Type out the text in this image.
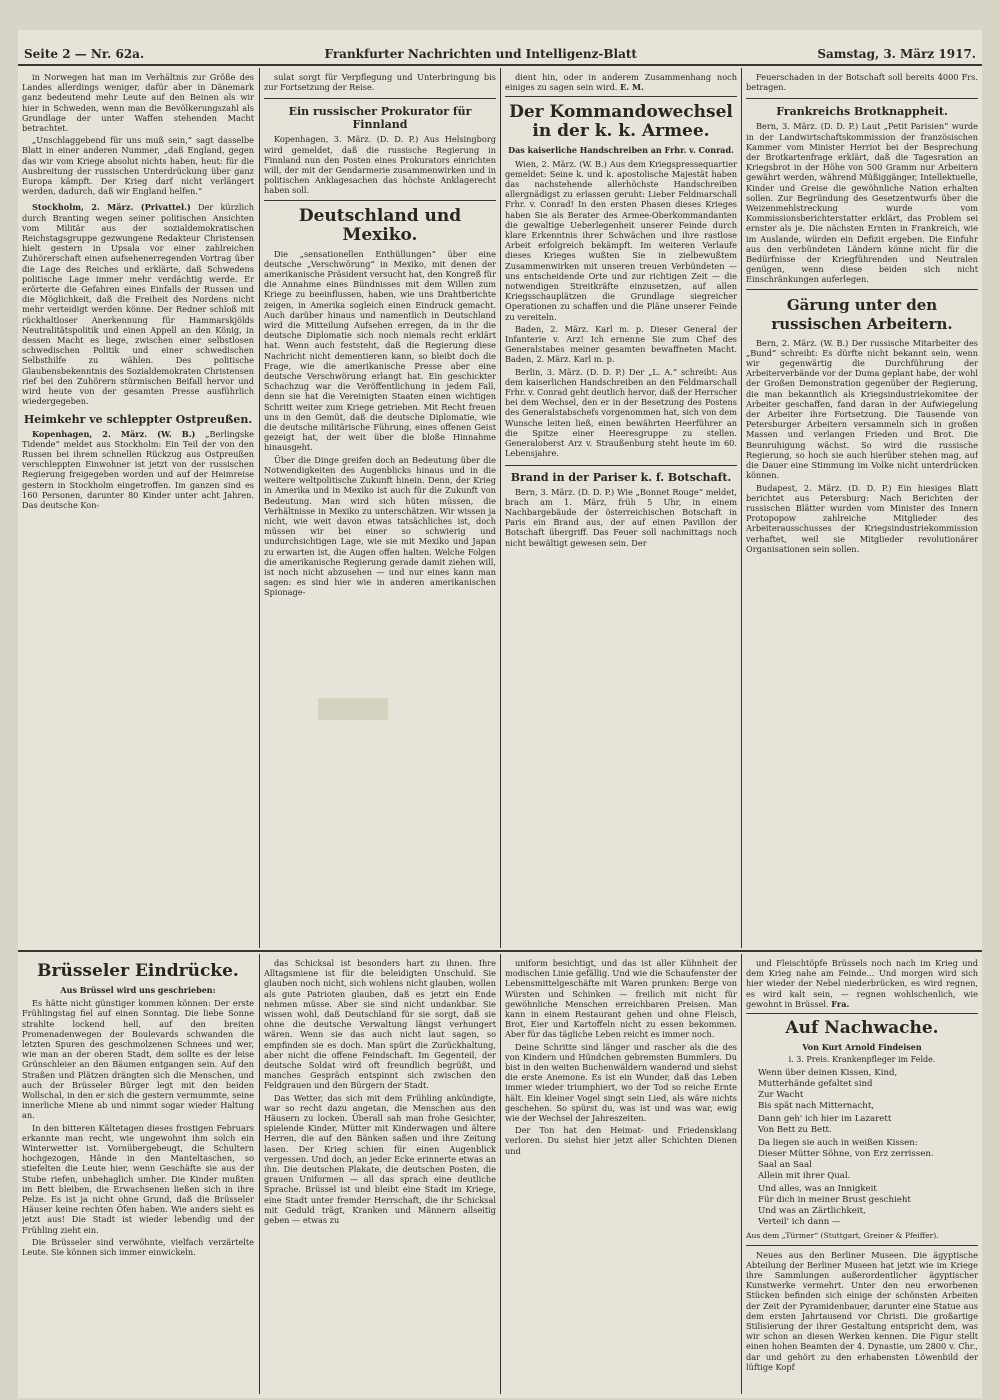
Seite 2 — Nr. 62a.	Frankfurter Nachrichten und Intelligenz-Blatt	Samstag, 3. März 1917.

in Norwegen hat man im Verhältnis zur Größe des Landes allerdings weniger, dafür aber in Dänemark ganz bedeutend mehr Leute auf den Beinen als wir hier in Schweden, wenn man die Bevölkerungszahl als Grundlage der unter Waffen stehenden Macht betrachtet.

„Unschlaggebend für uns muß sein,“ sagt dasselbe Blatt in einer anderen Nummer, „daß England, gegen das wir vom Kriege absolut nichts haben, heut: für die Ausbreitung der russischen Unterdrückung über ganz Europa kämpft. Der Krieg darf nicht verlängert werden, dadurch, daß wir England helfen.“

Stockholm, 2. März. (Privattel.) Der kürzlich durch Branting wegen seiner politischen Ansichten vom Militär aus der sozialdemokratischen Reichstagsgruppe gezwungene Redakteur Christensen hielt gestern in Upsala vor einer zahlreichen Zuhörerschaft einen aufsehenerregenden Vortrag über die Lage des Reiches und erklärte, daß Schwedens politische Lage immer mehr verdächtig werde. Er erörterte die Gefahren eines Einfalls der Russen und die Möglichkeit, daß die Freiheit des Nordens nicht mehr verteidigt werden könne. Der Redner schloß mit rückhaltloser Anerkennung für Hammarskjölds Neutralitätspolitik und einen Appell an den König, in dessen Macht es liege, zwischen einer selbstlosen schwedischen Politik und einer schwedischen Selbsthilfe zu wählen. Des politische Glaubensbekenntnis des Sozialdemokraten Christensen rief bei den Zuhörern stürmischen Beifall hervor und wird heute von der gesamten Presse ausführlich wiedergegeben.

Heimkehr ve schleppter Ostpreußen.

Kopenhagen, 2. März. (W. B.) „Berlingske Tidende“ meldet aus Stockholm: Ein Teil der von den Russen bei ihrem schnellen Rückzug aus Ostpreußen verschleppten Einwohner ist jetzt von der russischen Regierung freigegeben worden und auf der Heimreise gestern in Stockholm eingetroffen. Im ganzen sind es 160 Personen, darunter 80 Kinder unter acht Jahren. Das deutsche Kon-

sulat sorgt für Verpflegung und Unterbringung bis zur Fortsetzung der Reise.

Ein russischer Prokurator für Finnland

Kopenhagen, 3. März. (D. D. P.) Aus Helsingborg wird gemeldet, daß die russische Regierung in Finnland nun den Posten eines Prokurators einrichten will, der mit der Gendarmerie zusammenwirken und in politischen Anklagesachen das höchste Anklagerecht haben soll.

Deutschland und Mexiko.

Die „sensationellen Enthüllungen“ über eine deutsche „Verschwörung“ in Mexiko, mit denen der amerikanische Präsident versucht hat, den Kongreß für die Annahme eines Bündnisses mit dem Willen zum Kriege zu beeinflussen, haben, wie uns Drahtberichte zeigen, in Amerika sogleich einen Eindruck gemacht. Auch darüber hinaus und namentlich in Deutschland wird die Mitteilung Aufsehen erregen, da in ihr die deutsche Diplomatie sich noch niemals recht erklärt hat. Wenn auch feststeht, daß die Regierung diese Nachricht nicht dementieren kann, so bleibt doch die Frage, wie die amerikanische Presse aber eine deutsche Verschwörung erlangt hat. Ein geschickter Schachzug war die Veröffentlichung in jedem Fall, denn sie hat die Vereinigten Staaten einen wichtigen Schritt weiter zum Kriege getrieben. Mit Recht freuen uns in den Gemüt, daß die deutsche Diplomatie, wie die deutsche militärische Führung, eines offenen Geist gezeigt hat, der weit über die bloße Hinnahme hinausgeht.

Über die Dinge greifen doch an Bedeutung über die Notwendigkeiten des Augenblicks hinaus und in die weitere weltpolitische Zukunft hinein. Denn, der Krieg in Amerika und in Mexiko ist auch für die Zukunft von Bedeutung. Man wird sich hüten müssen, die Verhältnisse in Mexiko zu unterschätzen. Wir wissen ja nicht, wie weit davon etwas tatsächliches ist, doch müssen wir bei einer so schwierig und undurchsichtigen Lage, wie sie mit Mexiko und Japan zu erwarten ist, die Augen offen halten. Welche Folgen die amerikanische Regierung gerade damit ziehen will, ist noch nicht abzusehen — und nur eines kann man sagen: es sind hier wie in anderen amerikanischen Spionage-

dient hin, oder in anderem Zusammenhang noch einiges zu sagen sein wird. E. M.

Der Kommandowechsel in der k. k. Armee.
Das kaiserliche Handschreiben an Frhr. v. Conrad.

Wien, 2. März. (W. B.) Aus dem Kriegspressequartier gemeldet: Seine k. und k. apostolische Majestät haben das nachstehende allerhöchste Handschreiben allergnädigst zu erlassen geruht: Lieber Feldmarschall Frhr. v. Conrad! In den ersten Phasen dieses Krieges haben Sie als Berater des Armee-Oberkommandanten die gewaltige Ueberlegenheit unserer Feinde durch klare Erkenntnis ihrer Schwächen und ihre rastlose Arbeit erfolgreich bekämpft. Im weiteren Verlaufe dieses Krieges wußten Sie in zielbewußtem Zusammenwirken mit unseren treuen Verbündeten — uns entscheidende Orte und zur richtigen Zeit — die notwendigen Streitkräfte einzusetzen, auf allen Kriegsschauplätzen die Grundlage siegreicher Operationen zu schaffen und die Pläne unserer Feinde zu vereiteln.

Baden, 2. März. Karl m. p. Dieser General der Infanterie v. Arz! Ich ernenne Sie zum Chef des Generalstabes meiner gesamten bewaffneten Macht. Baden, 2. März. Karl m. p.

Berlin, 3. März. (D. D. P.) Der „L. A.“ schreibt: Aus dem kaiserlichen Handschreiben an den Feldmarschall Frhr. v. Conrad geht deutlich hervor, daß der Herrscher bei dem Wechsel, den er in der Besetzung des Postens des Generalstabschefs vorgenommen hat, sich von dem Wunsche leiten ließ, einen bewährten Heerführer an die Spitze einer Heeresgruppe zu stellen. Generaloberst Arz v. Straußenburg steht heute im 60. Lebensjahre.

Brand in der Pariser k. f. Botschaft.

Bern, 3. März. (D. D. P.) Wie „Bonnet Rouge“ meldet, brach am 1. März, früh 5 Uhr, in einem Nachbargebäude der österreichischen Botschaft in Paris ein Brand aus, der auf einen Pavillon der Botschaft übergriff. Das Feuer soll nachmittags noch nicht bewältigt gewesen sein. Der

Feuerschaden in der Botschaft soll bereits 4000 Frs. betragen.

Frankreichs Brotknappheit.

Bern, 3. März. (D. D. P.) Laut „Petit Parisien“ wurde in der Landwirtschaftskommission der französischen Kammer vom Minister Herriot bei der Besprechung der Brotkartenfrage erklärt, daß die Tagesration an Kriegsbrot in der Höhe von 500 Gramm nur Arbeitern gewährt werden, während Müßiggänger, Intellektuelle, Kinder und Greise die gewöhnliche Nation erhalten sollen. Zur Begründung des Gesetzentwurfs über die Weizenmehlstreckung wurde vom Kommissionsberichterstatter erklärt, das Problem sei ernster als je. Die nächsten Ernten in Frankreich, wie im Auslande, würden ein Defizit ergeben. Die Einfuhr aus den verbündeten Ländern könne nicht für die Bedürfnisse der Kriegführenden und Neutralen genügen, wenn diese beiden sich nicht Einschränkungen auferlegen.

Gärung unter den russischen Arbeitern.

Bern, 2. März. (W. B.) Der russische Mitarbeiter des „Bund“ schreibt: Es dürfte nicht bekannt sein, wenn wir gegenwärtig die Durchführung der Arbeiterverbände vor der Duma geplant habe, der wohl der Großen Demonstration gegenüber der Regierung, die man bekanntlich als Kriegsindustriekomitee der Arbeiter geschaffen, fand daran in der Aufwiegelung der Arbeiter ihre Fortsetzung. Die Tausende von Petersburger Arbeitern versammeln sich in großen Massen und verlangen Frieden und Brot. Die Beunruhigung wächst. So wird die russische Regierung, so hoch sie auch hierüber stehen mag, auf die Dauer eine Stimmung im Volke nicht unterdrücken können.

Budapest, 2. März. (D. D. P.) Ein hiesiges Blatt berichtet aus Petersburg: Nach Berichten der russischen Blätter wurden vom Minister des Innern Protopopow zahlreiche Mitglieder des Arbeiterausschusses der Kriegsindustriekommission verhaftet, weil sie Mitglieder revolutionärer Organisationen sein sollen.

Brüsseler Eindrücke.
Aus Brüssel wird uns geschrieben:

Es hätte nicht günstiger kommen können: Der erste Frühlingstag fiel auf einen Sonntag. Die liebe Sonne strahlte lockend hell, auf den breiten Promenadenwegen der Boulevards schwanden die letzten Spuren des geschmolzenen Schnees und wer, wie man an der oberen Stadt, dem sollte es der leise Grünschleier an den Bäumen entgangen sein. Auf den Straßen und Plätzen drängten sich die Menschen, und auch der Brüsseler Bürger legt mit den beiden Wollschal, in den er sich die gestern vermummte, seine innerliche Miene ab und nimmt sogar wieder Haltung an.

In den bitteren Kältetagen dieses frostigen Februars erkannte man recht, wie ungewohnt ihm solch ein Winterwetter ist. Vornübergebeugt, die Schultern hochgezogen, Hände in den Manteltaschen, so stiefelten die Leute hier, wenn Geschäfte sie aus der Stube riefen, unbehaglich umher. Die Kinder mußten im Bett bleiben, die Erwachsenen ließen sich in ihre Pelze. Es ist ja nicht ohne Grund, daß die Brüsseler Häuser keine rechten Öfen haben. Wie anders sieht es jetzt aus! Die Stadt ist wieder lebendig und der Frühling zieht ein.

Die Brüsseler sind verwöhnte, vielfach verzärtelte Leute. Sie können sich immer einwickeln.

das Schicksal ist besonders hart zu ihnen. Ihre Alltagsmiene ist für die beleidigten Unschuld. Sie glauben noch nicht, sich wohlens nicht glauben, wollen als gute Patrioten glauben, daß es jetzt ein Ende nehmen müsse. Aber sie sind nicht undankbar. Sie wissen wohl, daß Deutschland für sie sorgt, daß sie ohne die deutsche Verwaltung längst verhungert wären. Wenn sie das auch nicht laut sagen, so empfinden sie es doch. Man spürt die Zurückhaltung, aber nicht die offene Feindschaft. Im Gegenteil, der deutsche Soldat wird oft freundlich begrüßt, und manches Gespräch entspinnt sich zwischen den Feldgrauen und den Bürgern der Stadt.

Das Wetter, das sich mit dem Frühling ankündigte, war so recht dazu angetan, die Menschen aus den Häusern zu locken. Überall sah man frohe Gesichter, spielende Kinder, Mütter mit Kinderwagen und ältere Herren, die auf den Bänken saßen und ihre Zeitung lasen. Der Krieg schien für einen Augenblick vergessen. Und doch, an jeder Ecke erinnerte etwas an ihn. Die deutschen Plakate, die deutschen Posten, die grauen Uniformen — all das sprach eine deutliche Sprache. Brüssel ist und bleibt eine Stadt im Kriege, eine Stadt unter fremder Herrschaft, die ihr Schicksal mit Geduld trägt, Kranken und Männern allseitig geben — etwas zu

uniform besichtigt, und das ist aller Kühnheit der modischen Linie gefällig. Und wie die Schaufenster der Lebensmittelgeschäfte mit Waren prunken: Berge von Würsten und Schinken — freilich mit nicht für gewöhnliche Menschen erreichbaren Preisen. Man kann in einem Restaurant gehen und ohne Fleisch, Brot, Eier und Kartoffeln nicht zu essen bekommen. Aber für das tägliche Leben reicht es immer noch.

Deine Schritte sind länger und rascher als die des von Kindern und Hündchen gebremsten Bummlers. Du bist in den weiten Buchenwäldern wandernd und siehst die erste Anemone. Es ist ein Wunder, daß das Leben immer wieder triumphiert, wo der Tod so reiche Ernte hält. Ein kleiner Vogel singt sein Lied, als wäre nichts geschehen. So spürst du, was ist und was war, ewig wie der Wechsel der Jahreszeiten.

Der Ton hat den Heimat- und Friedensklang verloren. Du siehst hier jetzt aller Schichten Dienen und

und Fleischtöpfe Brüssels noch nach im Krieg und dem Krieg nahe am Feinde... Und morgen wird sich hier wieder der Nebel niederbrücken, es wird regnen, es wird kalt sein, — regnen wohlschenlich, wie gewohnt in Brüssel. Fra.

Auf Nachwache.
Von Kurt Arnold Findeisen
i. 3. Preis. Krankenpfleger im Felde.
Wenn über deinen Kissen, Kind,
Mutterhände gefaltet sind
Zur Wacht
Bis spät nach Mitternacht,
Dann geh' ich hier im Lazarett
Von Bett zu Bett.
Da liegen sie auch in weißen Kissen:
Dieser Mütter Söhne, von Erz zerrissen.
Saal an Saal
Allein mit ihrer Qual.
Und alles, was an Innigkeit
Für dich in meiner Brust geschieht
Und was an Zärtlichkeit,
Verteil' ich dann —
Aus dem „Türmer“ (Stuttgart, Greiner & Pfeiffer).

Neues aus den Berliner Museen. Die ägyptische Abteilung der Berliner Museen hat jetzt wie im Kriege ihre Sammlungen außerordentlicher ägyptischer Kunstwerke vermehrt. Unter den neu erworbenen Stücken befinden sich einige der schönsten Arbeiten der Zeit der Pyramidenbauer, darunter eine Statue aus dem ersten Jahrtausend vor Christi. Die großartige Stilisierung der ihrer Gestaltung entspricht dem, was wir schon an diesen Werken kennen. Die Figur stellt einen hohen Beamten der 4. Dynastie, um 2800 v. Chr., dar und gehört zu den erhabensten Löwenbild der lüftige Kopf
